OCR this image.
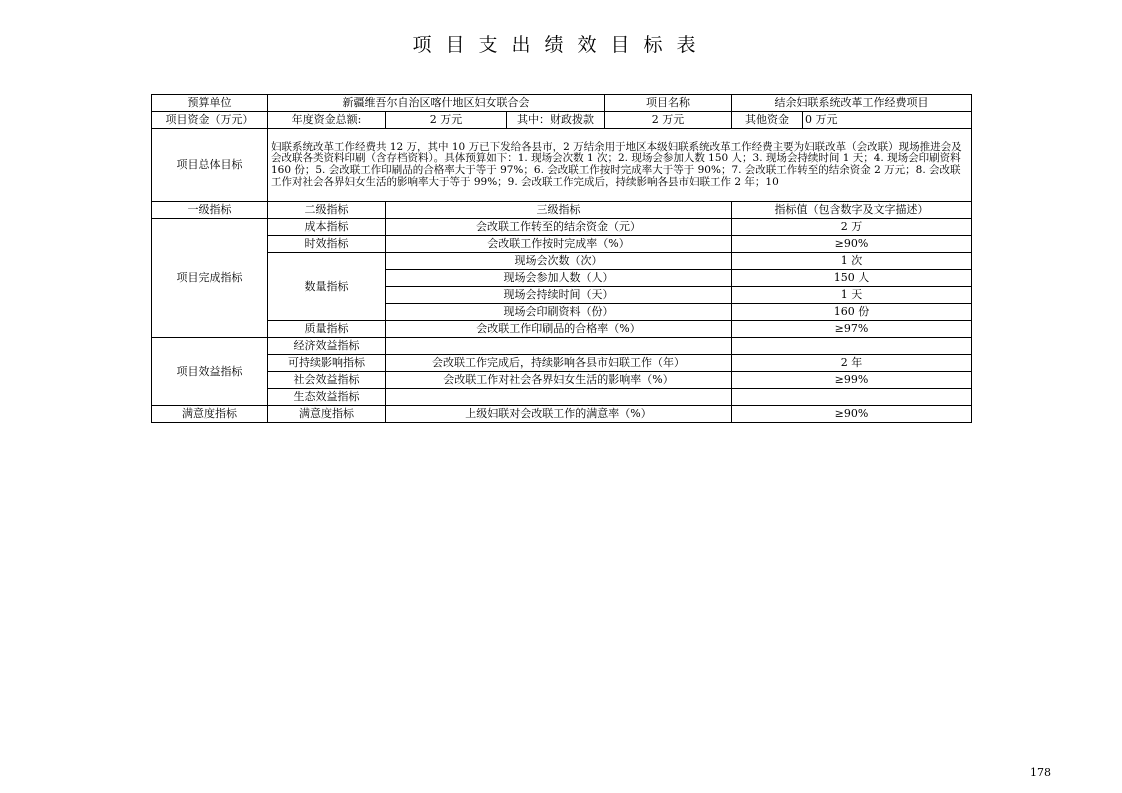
项目支出绩效目标表
预算单位	新疆维吾尔自治区喀什地区妇女联合会			项目名称	结余妇联系统改革工作经费项目	
项目资金（万元）	年度资金总额:	2 万元	其中：财政拨款	2 万元	其他资金	0 万元
项目总体目标	妇联系统改革工作经费共 12 万，其中 10 万已下发给各县市，2 万结余用于地区本级妇联系统改革工作经费主要为妇联改革（会改联）现场推进会及会改联各类资料印刷（含存档资料）。具体预算如下：1. 现场会次数 1 次；2. 现场会参加人数 150 人；3. 现场会持续时间 1 天；4. 现场会印刷资料 160 份；5. 会改联工作印刷品的合格率大于等于 97%；6. 会改联工作按时完成率大于等于 90%；7. 会改联工作转至的结余资金 2 万元；8. 会改联工作对社会各界妇女生活的影响率大于等于 99%；9. 会改联工作完成后，持续影响各县市妇联工作 2 年；10					
一级指标	二级指标	三级指标			指标值（包含数字及文字描述）	
项目完成指标	成本指标	会改联工作转至的结余资金（元）			2 万	
	时效指标	会改联工作按时完成率（%）			≥90%	
	数量指标	现场会次数（次）			1 次	
		现场会参加人数（人）			150 人	
		现场会持续时间（天）			1 天	
		现场会印刷资料（份）			160 份	
	质量指标	会改联工作印刷品的合格率（%）			≥97%	
项目效益指标	经济效益指标					
	可持续影响指标	会改联工作完成后，持续影响各县市妇联工作（年）			2 年	
	社会效益指标	会改联工作对社会各界妇女生活的影响率（%）			≥99%	
	生态效益指标					
满意度指标	满意度指标	上级妇联对会改联工作的满意率（%）			≥90%	
178
